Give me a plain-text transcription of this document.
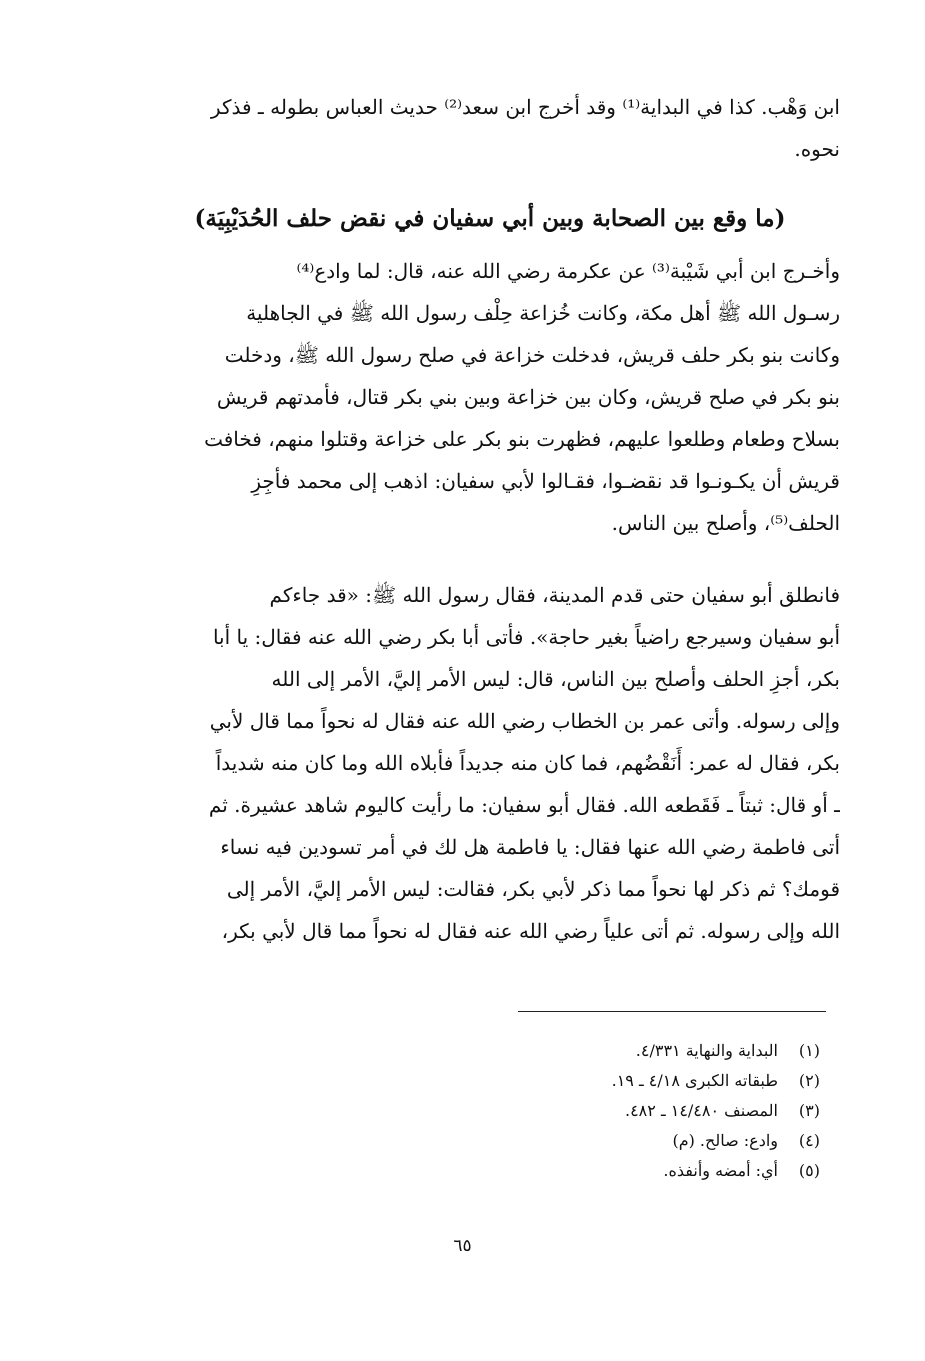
ابن وَهْب. كذا في البداية⁽¹⁾ وقد أخرج ابن سعد⁽²⁾ حديث العباس بطوله ـ فذكر
نحوه.
(ما وقع بين الصحابة وبين أبي سفيان في نقض حلف الحُدَيْبِيَة)
وأخـرج ابن أبي شَيْبة⁽³⁾ عن عكرمة رضي الله عنه، قال: لما وادع⁽⁴⁾
رسـول الله ﷺ أهل مكة، وكانت خُزاعة حِلْف رسول الله ﷺ في الجاهلية
وكانت بنو بكر حلف قريش، فدخلت خزاعة في صلح رسول الله ﷺ، ودخلت
بنو بكر في صلح قريش، وكان بين خزاعة وبين بني بكر قتال، فأمدتهم قريش
بسلاح وطعام وطلعوا عليهم، فظهرت بنو بكر على خزاعة وقتلوا منهم، فخافت
قريش أن يكـونـوا قد نقضـوا، فقـالوا لأبي سفيان: اذهب إلى محمد فأجِزِ
الحلف⁽⁵⁾، وأصلح بين الناس.
فانطلق أبو سفيان حتى قدم المدينة، فقال رسول الله ﷺ: «قد جاءكم
أبو سفيان وسيرجع راضياً بغير حاجة». فأتى أبا بكر رضي الله عنه فقال: يا أبا
بكر، أجزِ الحلف وأصلح بين الناس، قال: ليس الأمر إليَّ، الأمر إلى الله
وإلى رسوله. وأتى عمر بن الخطاب رضي الله عنه فقال له نحواً مما قال لأبي
بكر، فقال له عمر: أَنَقْضُهم، فما كان منه جديداً فأبلاه الله وما كان منه شديداً
ـ أو قال: ثبتاً ـ فَقَطعه الله. فقال أبو سفيان: ما رأيت كاليوم شاهد عشيرة. ثم
أتى فاطمة رضي الله عنها فقال: يا فاطمة هل لك في أمر تسودين فيه نساء
قومك؟ ثم ذكر لها نحواً مما ذكر لأبي بكر، فقالت: ليس الأمر إليَّ، الأمر إلى
الله وإلى رسوله. ثم أتى علياً رضي الله عنه فقال له نحواً مما قال لأبي بكر،
(١)البداية والنهاية ٤/٣٣١.
(٢)طبقاته الكبرى ٤/١٨ ـ ١٩.
(٣)المصنف ١٤/٤٨٠ ـ ٤٨٢.
(٤)وادع: صالح. (م)
(٥)أي: أمضه وأنفذه.
٦٥
